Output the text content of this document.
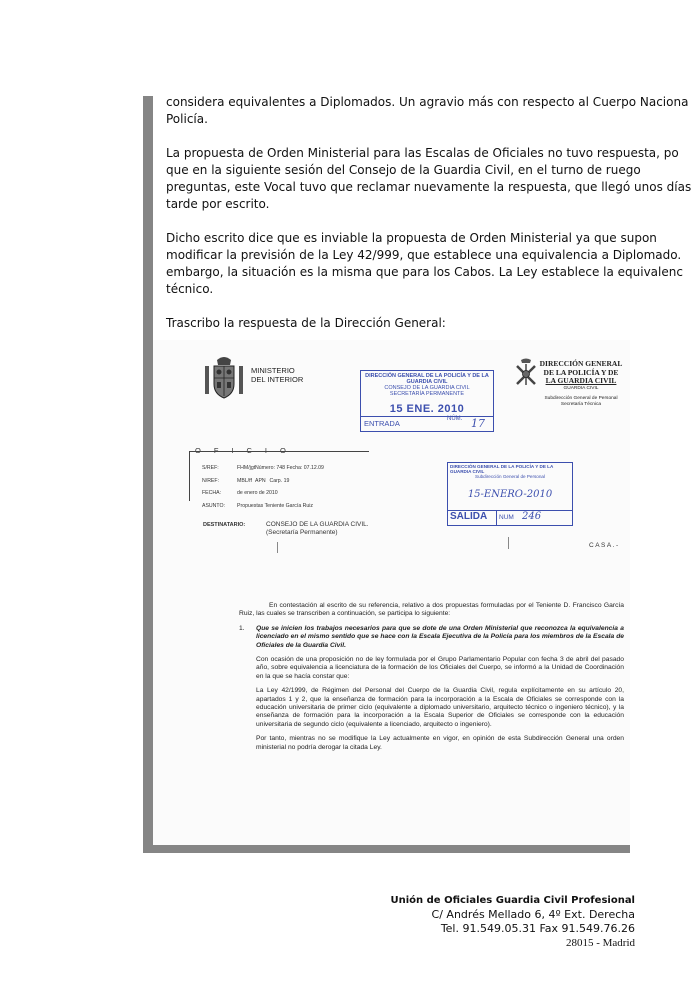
considera equivalentes a Diplomados. Un agravio más con respecto al Cuerpo Naciona

Policía.

La propuesta de Orden Ministerial para las Escalas de Oficiales no tuvo respuesta, po

que en la siguiente sesión del Consejo de la Guardia Civil, en el turno de ruego

preguntas, este Vocal tuvo que reclamar nuevamente la respuesta, que llegó unos días

tarde por escrito.

Dicho escrito dice que es inviable la propuesta de Orden Ministerial ya que supon

modificar la previsión de la Ley 42/999, que establece una equivalencia a Diplomado.

embargo, la situación es la misma que para los Cabos. La Ley establece la equivalenc

técnico.

Trascribo la respuesta de la Dirección General:

MINISTERIO
DEL INTERIOR
DIRECCIÓN GENERAL
DE LA POLICÍA Y DE
LA GUARDIA CIVIL
GUARDIA CIVIL
Subdirección General de Personal
Secretaría Técnica
DIRECCIÓN GENERAL DE LA POLICÍA Y DE LA GUARDIA CIVIL
CONSEJO DE LA GUARDIA CIVIL
SECRETARÍA PERMANENTE
15 ENE. 2010
ENTRADA	NÚM. 17
OFICIO
S/REF:	FHM/jgtNúmero: 748 Fecha: 07.12.09
N/REF:	MBL/ff APN Carp. 19
FECHA:	de enero de 2010
ASUNTO: Propuestas Teniente García Ruiz
DIRECCIÓN GENERAL DE LA POLICÍA Y DE LA GUARDIA CIVIL
Subdirección General de Personal
15-ENERO-2010
SALIDA NUM 246
DESTINATARIO:	CONSEJO DE LA GUARDIA CIVIL.
(Secretaría Permanente)
CASA.-
En contestación al escrito de su referencia, relativo a dos propuestas formuladas por el Teniente D. Francisco García Ruiz, las cuales se transcriben a continuación, se participa lo siguiente:
1.	Que se inicien los trabajos necesarios para que se dote de una Orden Ministerial que reconozca la equivalencia a licenciado en el mismo sentido que se hace con la Escala Ejecutiva de la Policía para los miembros de la Escala de Oficiales de la Guardia Civil.
Con ocasión de una proposición no de ley formulada por el Grupo Parlamentario Popular con fecha 3 de abril del pasado año, sobre equivalencia a licenciatura de la formación de los Oficiales del Cuerpo, se informó a la Unidad de Coordinación en la que se hacía constar que:
La Ley 42/1999, de Régimen del Personal del Cuerpo de la Guardia Civil, regula explícitamente en su artículo 20, apartados 1 y 2, que la enseñanza de formación para la incorporación a la Escala de Oficiales se corresponde con la educación universitaria de primer ciclo (equivalente a diplomado universitario, arquitecto técnico o ingeniero técnico), y la enseñanza de formación para la incorporación a la Escala Superior de Oficiales se corresponde con la educación universitaria de segundo ciclo (equivalente a licenciado, arquitecto o ingeniero).
Por tanto, mientras no se modifique la Ley actualmente en vigor, en opinión de esta Subdirección General una orden ministerial no podría derogar la citada Ley.
Unión de Oficiales Guardia Civil Profesional
C/ Andrés Mellado 6, 4º Ext. Derecha
Tel. 91.549.05.31 Fax 91.549.76.26
28015 - Madrid
